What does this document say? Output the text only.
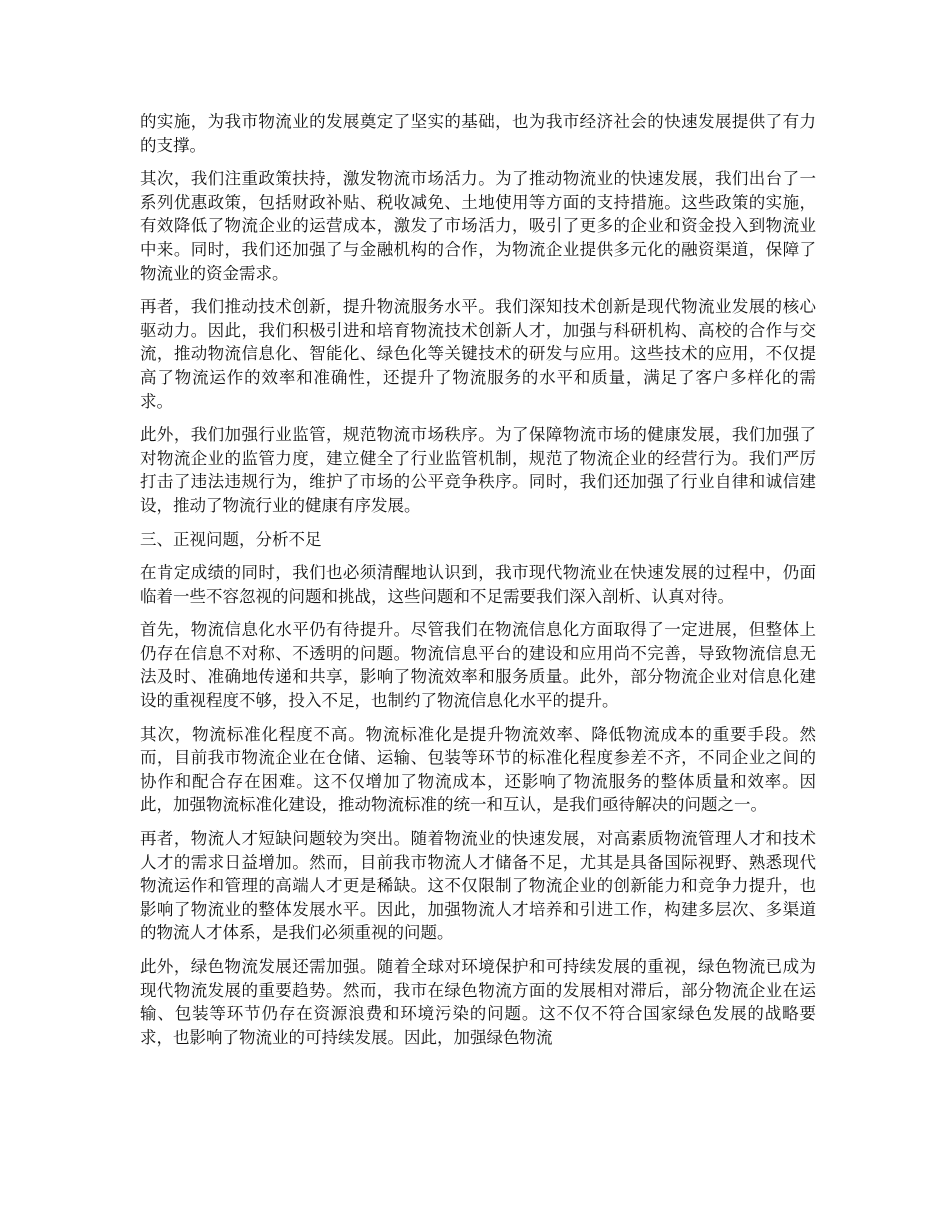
的实施，为我市物流业的发展奠定了坚实的基础，也为我市经济社会的快速发展提供了有力的支撑。

其次，我们注重政策扶持，激发物流市场活力。为了推动物流业的快速发展，我们出台了一系列优惠政策，包括财政补贴、税收减免、土地使用等方面的支持措施。这些政策的实施，有效降低了物流企业的运营成本，激发了市场活力，吸引了更多的企业和资金投入到物流业中来。同时，我们还加强了与金融机构的合作，为物流企业提供多元化的融资渠道，保障了物流业的资金需求。

再者，我们推动技术创新，提升物流服务水平。我们深知技术创新是现代物流业发展的核心驱动力。因此，我们积极引进和培育物流技术创新人才，加强与科研机构、高校的合作与交流，推动物流信息化、智能化、绿色化等关键技术的研发与应用。这些技术的应用，不仅提高了物流运作的效率和准确性，还提升了物流服务的水平和质量，满足了客户多样化的需求。

此外，我们加强行业监管，规范物流市场秩序。为了保障物流市场的健康发展，我们加强了对物流企业的监管力度，建立健全了行业监管机制，规范了物流企业的经营行为。我们严厉打击了违法违规行为，维护了市场的公平竞争秩序。同时，我们还加强了行业自律和诚信建设，推动了物流行业的健康有序发展。

三、正视问题，分析不足

在肯定成绩的同时，我们也必须清醒地认识到，我市现代物流业在快速发展的过程中，仍面临着一些不容忽视的问题和挑战，这些问题和不足需要我们深入剖析、认真对待。

首先，物流信息化水平仍有待提升。尽管我们在物流信息化方面取得了一定进展，但整体上仍存在信息不对称、不透明的问题。物流信息平台的建设和应用尚不完善，导致物流信息无法及时、准确地传递和共享，影响了物流效率和服务质量。此外，部分物流企业对信息化建设的重视程度不够，投入不足，也制约了物流信息化水平的提升。

其次，物流标准化程度不高。物流标准化是提升物流效率、降低物流成本的重要手段。然而，目前我市物流企业在仓储、运输、包装等环节的标准化程度参差不齐，不同企业之间的协作和配合存在困难。这不仅增加了物流成本，还影响了物流服务的整体质量和效率。因此，加强物流标准化建设，推动物流标准的统一和互认，是我们亟待解决的问题之一。

再者，物流人才短缺问题较为突出。随着物流业的快速发展，对高素质物流管理人才和技术人才的需求日益增加。然而，目前我市物流人才储备不足，尤其是具备国际视野、熟悉现代物流运作和管理的高端人才更是稀缺。这不仅限制了物流企业的创新能力和竞争力提升，也影响了物流业的整体发展水平。因此，加强物流人才培养和引进工作，构建多层次、多渠道的物流人才体系，是我们必须重视的问题。

此外，绿色物流发展还需加强。随着全球对环境保护和可持续发展的重视，绿色物流已成为现代物流发展的重要趋势。然而，我市在绿色物流方面的发展相对滞后，部分物流企业在运输、包装等环节仍存在资源浪费和环境污染的问题。这不仅不符合国家绿色发展的战略要求，也影响了物流业的可持续发展。因此，加强绿色物流
